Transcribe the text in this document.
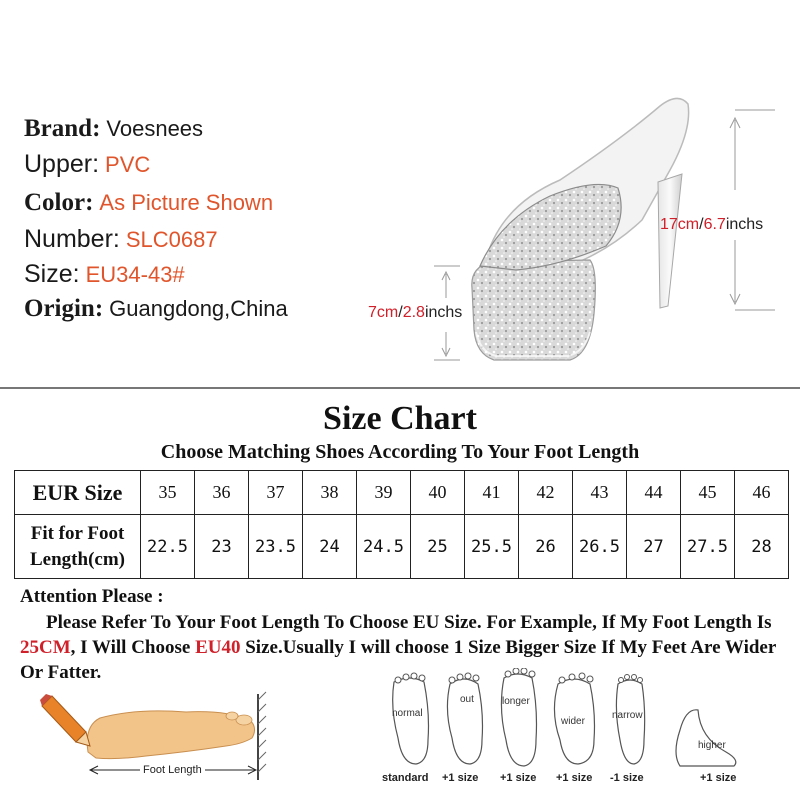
Brand: Voesnees
Upper: PVC
Color: As Picture Shown
Number: SLC0687
Size: EU34-43#
Origin: Guangdong,China
17cm/6.7inchs
7cm/2.8inchs
Size Chart
Choose Matching Shoes According To Your Foot Length
EUR Size	35	36	37	38	39	40	41	42	43	44	45	46

Fit for Foot
Length(cm)	22.5	23	23.5	24	24.5	25	25.5	26	26.5	27	27.5	28
Attention Please :
Please Refer To Your Foot Length To Choose EU Size. For Example, If My Foot Length Is 25CM, I Will Choose EU40 Size.Usually I will choose 1 Size Bigger Size If My Feet Are Wider Or Fatter.
Foot Length
normal
out	longer
wider
narrow
higher
standard +1 size +1 size +1 size -1 size	+1 size
